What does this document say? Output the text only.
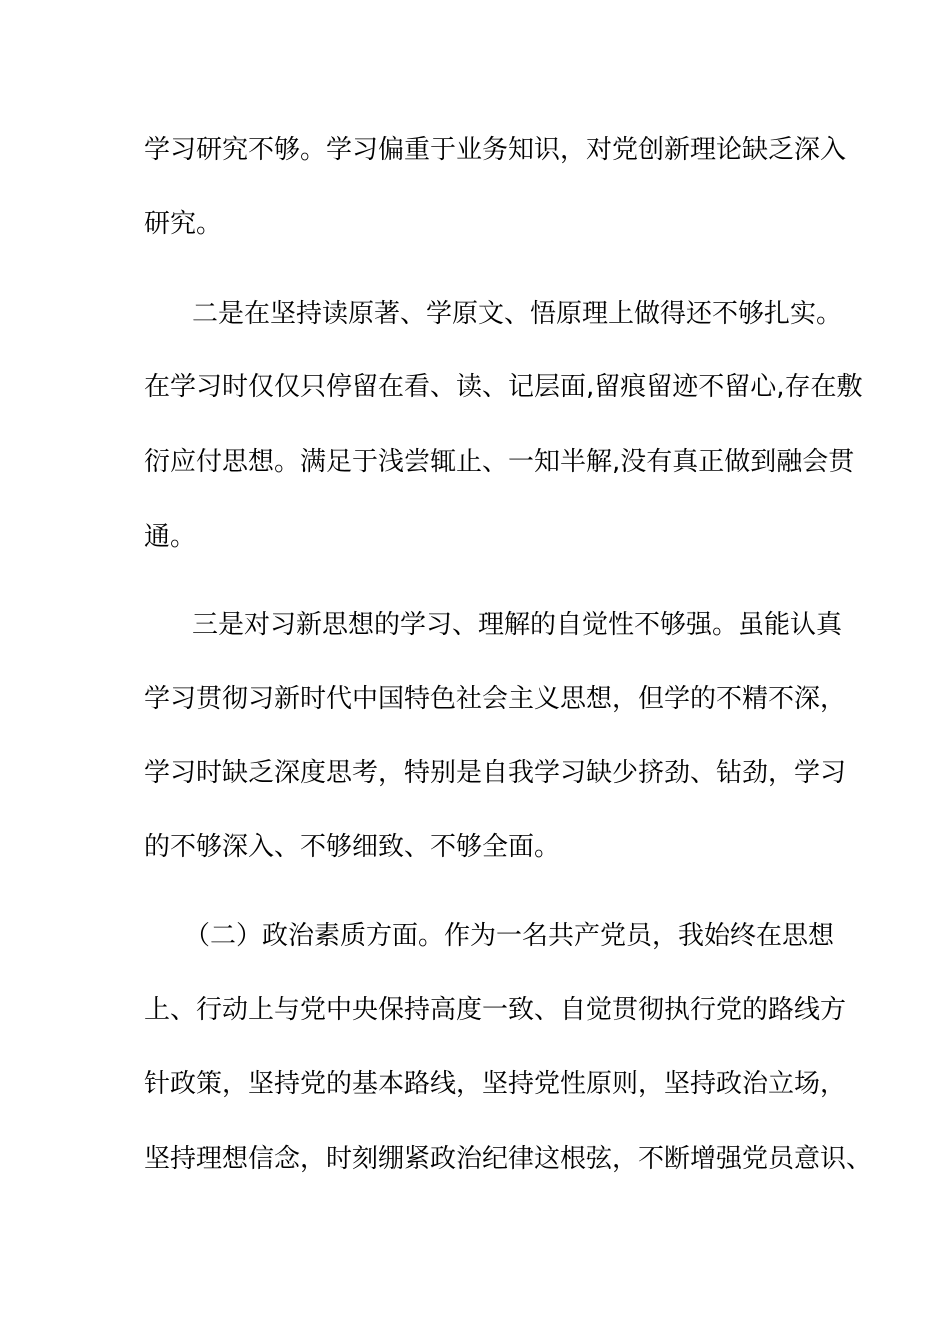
学习研究不够。学习偏重于业务知识，对党创新理论缺乏深入
研究。
二是在坚持读原著、学原文、悟原理上做得还不够扎实。
在学习时仅仅只停留在看、读、记层面,留痕留迹不留心,存在敷
衍应付思想。满足于浅尝辄止、一知半解,没有真正做到融会贯
通。
三是对习新思想的学习、理解的自觉性不够强。虽能认真
学习贯彻习新时代中国特色社会主义思想，但学的不精不深，
学习时缺乏深度思考，特别是自我学习缺少挤劲、钻劲，学习
的不够深入、不够细致、不够全面。
（二）政治素质方面。作为一名共产党员，我始终在思想
上、行动上与党中央保持高度一致、自觉贯彻执行党的路线方
针政策，坚持党的基本路线，坚持党性原则，坚持政治立场，
坚持理想信念，时刻绷紧政治纪律这根弦，不断增强党员意识、
